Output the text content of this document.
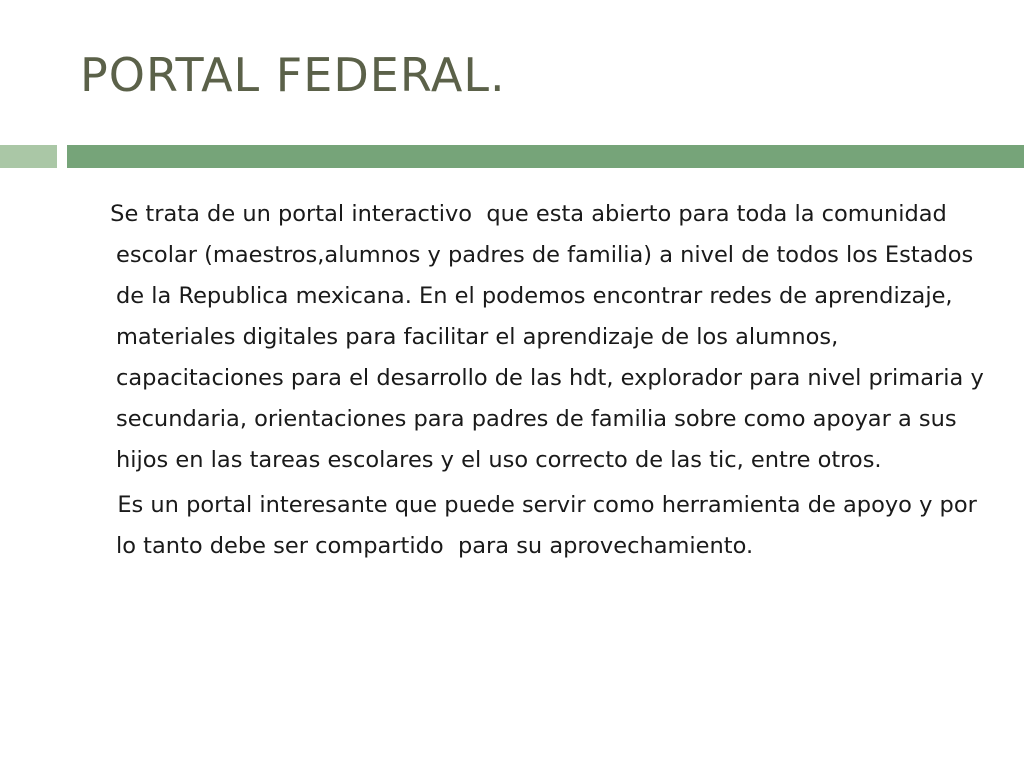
PORTAL FEDERAL.

Se trata de un portal interactivo  que esta abierto para toda la comunidad escolar (maestros,alumnos y padres de familia) a nivel de todos los Estados de la Republica mexicana. En el podemos encontrar redes de aprendizaje, materiales digitales para facilitar el aprendizaje de los alumnos, capacitaciones para el desarrollo de las hdt, explorador para nivel primaria y secundaria, orientaciones para padres de familia sobre como apoyar a sus hijos en las tareas escolares y el uso correcto de las tic, entre otros.

Es un portal interesante que puede servir como herramienta de apoyo y por lo tanto debe ser compartido  para su aprovechamiento.
